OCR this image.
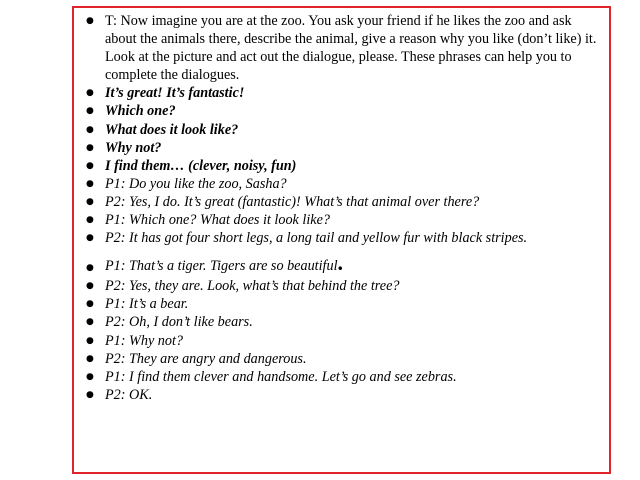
● T: Now imagine you are at the zoo. You ask your friend if he likes the zoo and ask about the animals there, describe the animal, give a reason why you like (don’t like) it. Look at the picture and act out the dialogue, please. These phrases can help you to complete the dialogues.
● It’s great! It’s fantastic!
● Which one?
● What does it look like?
● Why not?
● I find them… (clever, noisy, fun)
● P1: Do you like the zoo, Sasha?
● P2: Yes, I do. It’s great (fantastic)! What’s that animal over there?
● P1: Which one? What does it look like?
● P2: It has got four short legs, a long tail and yellow fur with black stripes.
● P1: That’s a tiger. Tigers are so beautiful.
● P2: Yes, they are. Look, what’s that behind the tree?
● P1: It’s a bear.
● P2: Oh, I don’t like bears.
● P1: Why not?
● P2: They are angry and dangerous.
● P1: I find them clever and handsome. Let’s go and see zebras.
● P2: OK.
